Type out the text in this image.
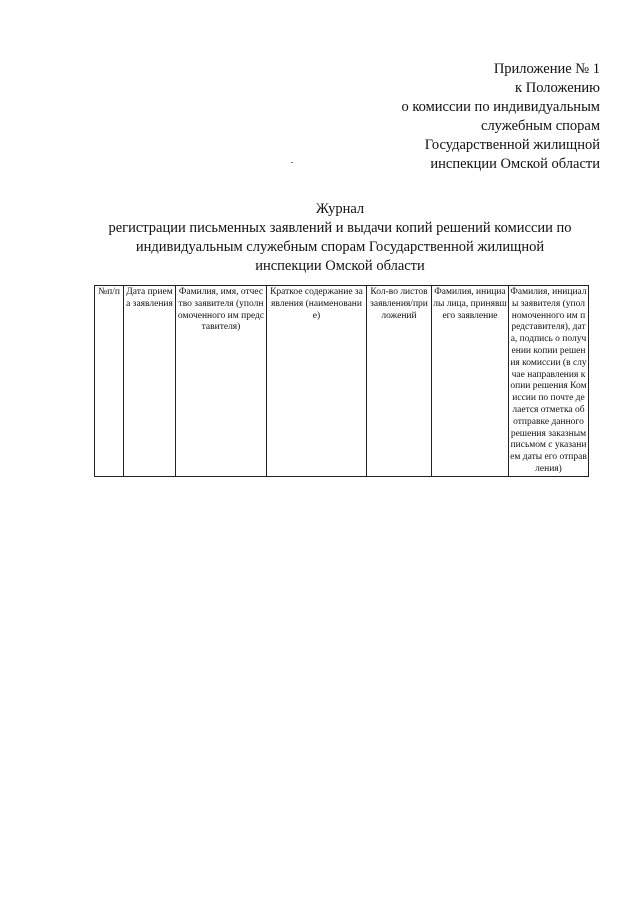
Приложение № 1
к Положению
о комиссии по индивидуальным
служебным спорам
Государственной жилищной
инспекции Омской области
Журнал
регистрации письменных заявлений и выдачи копий решений комиссии по
индивидуальным служебным спорам Государственной жилищной
инспекции Омской области
№п/п	Дата приема заявления	Фамилия, имя, отчество заявителя (уполномоченного им представителя)	Краткое содержание заявления (наименование)	Кол-во листов заявления/приложений	Фамилия, инициалы лица, принявшего заявление	Фамилия, инициалы заявителя (уполномоченного им представителя), дата, подпись о получении копии решения комиссии (в случае направления копии решения Комиссии по почте делается отметка об отправке данного решения заказным письмом с указанием даты его отправления)
